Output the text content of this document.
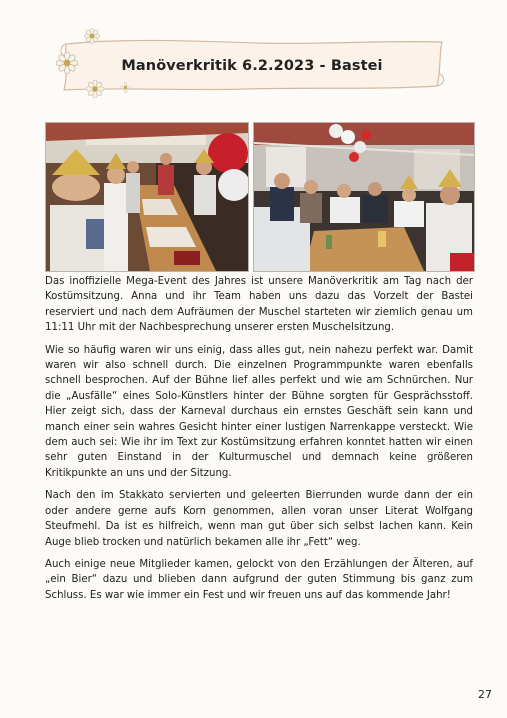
Manöverkritik 6.2.2023 - Bastei

Das inoffizielle Mega-Event des Jahres ist unsere Manöverkritik am Tag nach der Kostümsitzung. Anna und ihr Team haben uns dazu das Vorzelt der Bastei reserviert und nach dem Aufräumen der Muschel starteten wir ziemlich genau um 11:11 Uhr mit der Nachbesprechung unserer ersten Muschelsitzung.

Wie so häufig waren wir uns einig, dass alles gut, nein nahezu perfekt war. Damit waren wir also schnell durch. Die einzelnen Programmpunkte waren ebenfalls schnell besprochen. Auf der Bühne lief alles perfekt und wie am Schnürchen. Nur die „Ausfälle“ eines Solo-Künstlers hinter der Bühne sorgten für Gesprächsstoff. Hier zeigt sich, dass der Karneval durchaus ein ernstes Geschäft sein kann und manch einer sein wahres Gesicht hinter einer lustigen Narrenkappe versteckt. Wie dem auch sei: Wie ihr im Text zur Kostümsitzung erfahren konntet hatten wir einen sehr guten Einstand in der Kulturmuschel und demnach keine größeren Kritikpunkte an uns und der Sitzung.

Nach den im Stakkato servierten und geleerten Bierrunden wurde dann der ein oder andere gerne aufs Korn genommen, allen voran unser Literat Wolfgang Steufmehl. Da ist es hilfreich, wenn man gut über sich selbst lachen kann. Kein Auge blieb trocken und natürlich bekamen alle ihr „Fett“ weg.

Auch einige neue Mitglieder kamen, gelockt von den Erzählungen der Älteren, auf „ein Bier“ dazu und blieben dann aufgrund der guten Stimmung bis ganz zum Schluss. Es war wie immer ein Fest und wir freuen uns auf das kommende Jahr!

27
